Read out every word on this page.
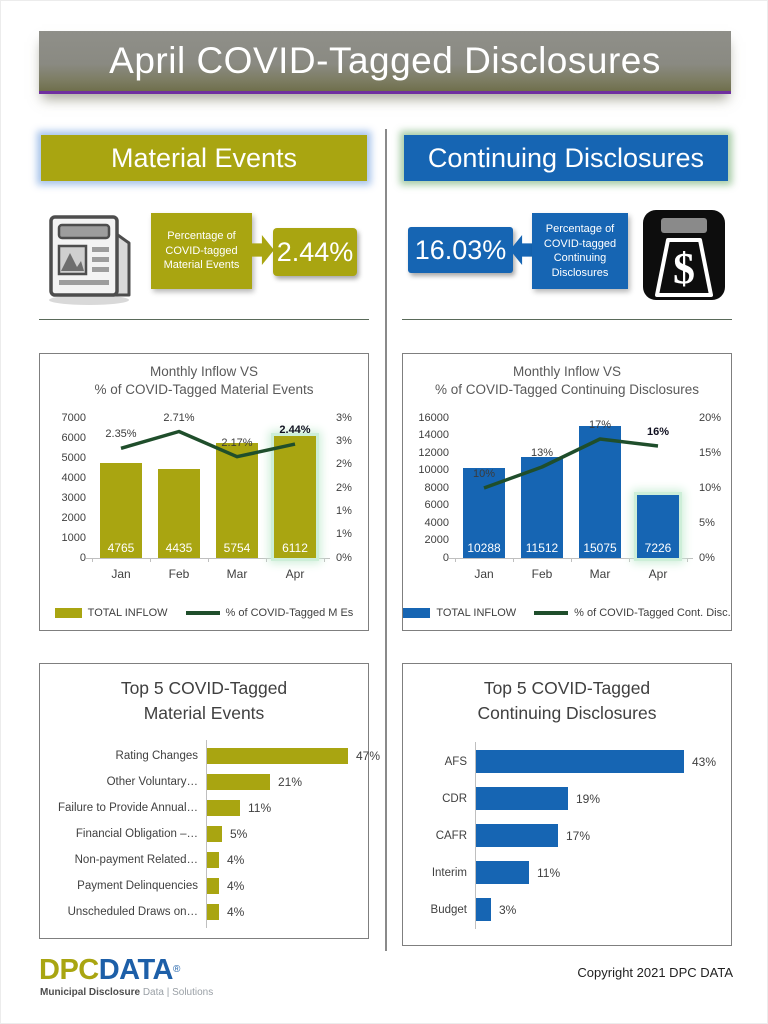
April COVID-Tagged Disclosures
Material Events	Continuing Disclosures
Percentage of COVID-tagged Material Events	2.44% 16.03%
Percentage of COVID-tagged Continuing Disclosures	$
Monthly Inflow VS
% of COVID-Tagged Material Events
7000
6000
5000
4000
3000
2000
1000
0
3%
3%
2%
2%
1%
1%
0%
4765
Jan
4435
Feb
5754
Mar
6112
Apr
2.35%
2.71%
2.17%
2.44%
TOTAL INFLOW	% of COVID-Tagged M Es
Monthly Inflow VS
% of COVID-Tagged Continuing Disclosures
16000
14000
12000
10000
8000
6000
4000
2000
0
20%
15%
10%
5%
0%
10288
Jan
11512
Feb
15075
Mar
7226
Apr
10%
13%
17%
16%
TOTAL INFLOW	% of COVID-Tagged Cont. Disc.
Top 5 COVID-Tagged
Material Events
Rating Changes	47%
Other Voluntary…	21%
Failure to Provide Annual…	11%
Financial Obligation –…	5%
Non-payment Related… 4%
Payment Delinquencies 4%
Unscheduled Draws on… 4%
Top 5 COVID-Tagged
Continuing Disclosures
AFS	43%
CDR	19%
CAFR	17%
Interim	11%
Budget	3%
DPCDATA®
Municipal Disclosure Data | Solutions
Copyright 2021 DPC DATA
